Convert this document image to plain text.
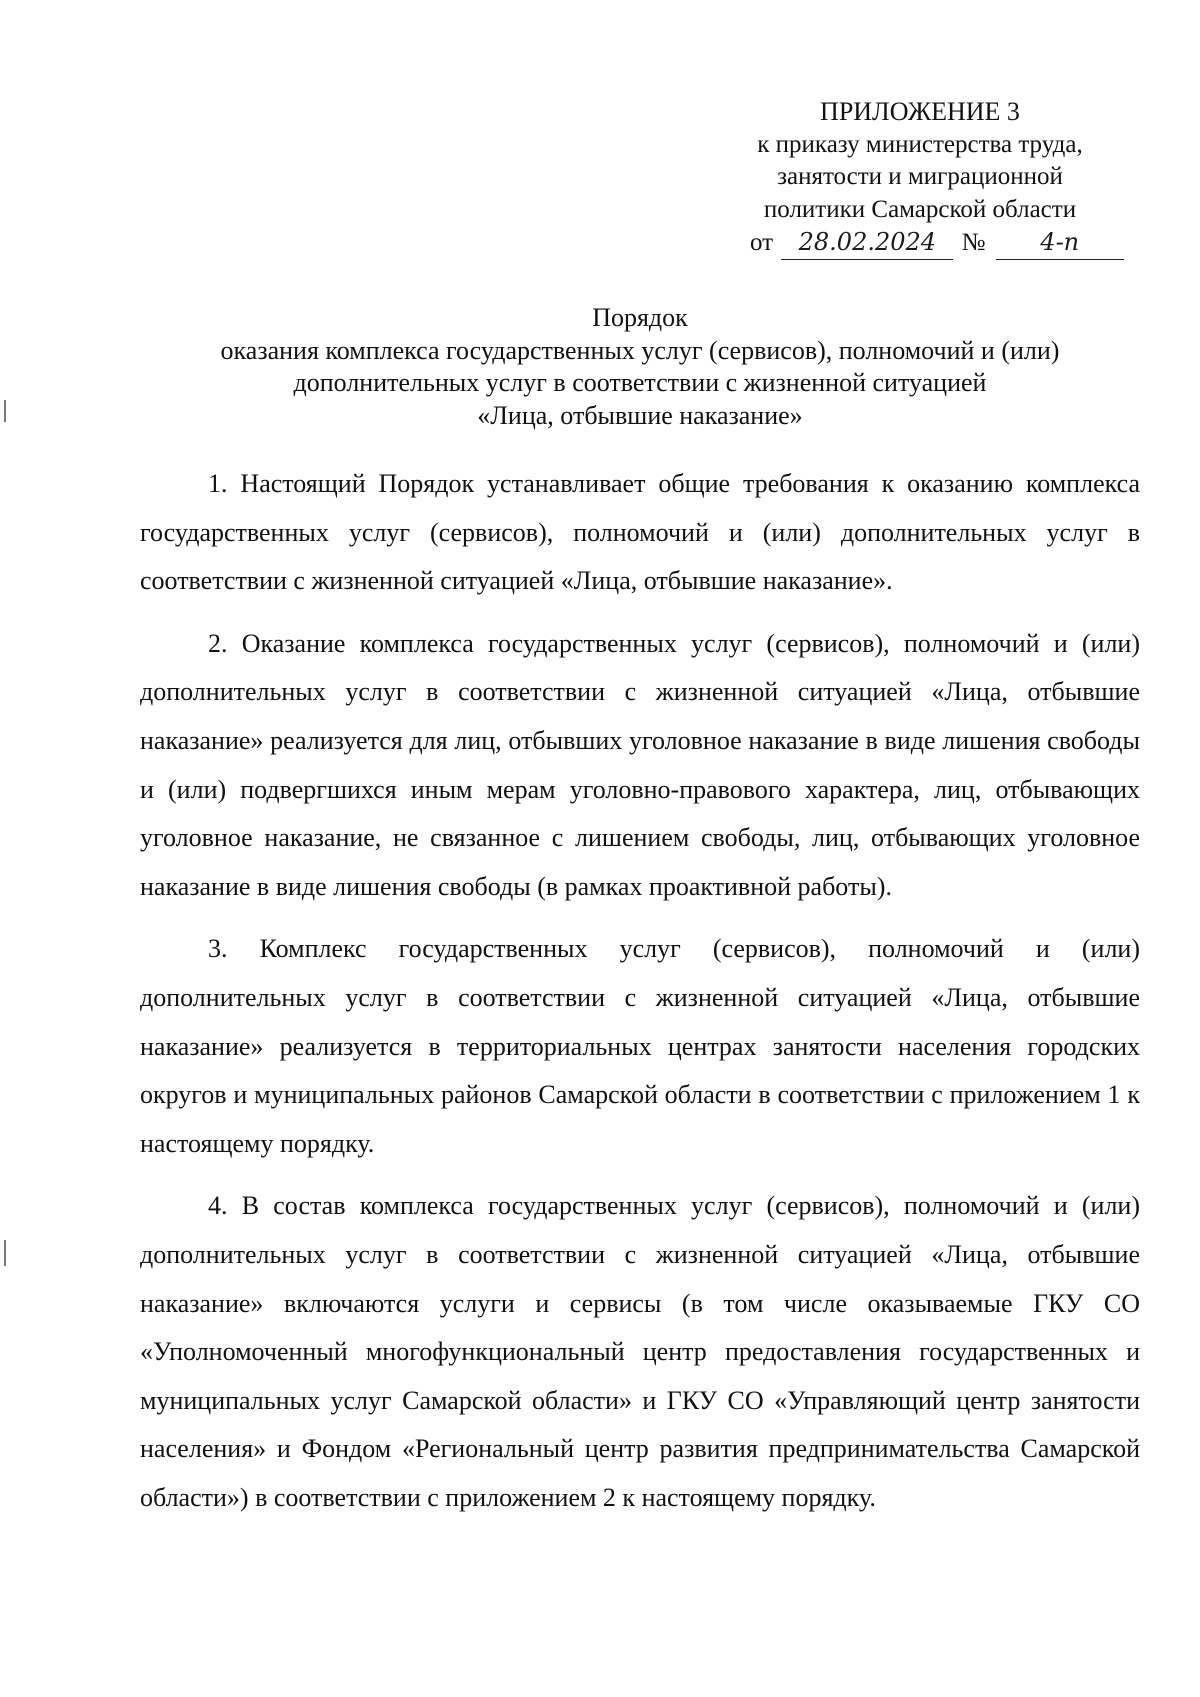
ПРИЛОЖЕНИЕ 3
к приказу министерства труда,
занятости и миграционной
политики Самарской области
от 28.02.2024 № 4-п
Порядок
оказания комплекса государственных услуг (сервисов), полномочий и (или)
дополнительных услуг в соответствии с жизненной ситуацией
«Лица, отбывшие наказание»

1. Настоящий Порядок устанавливает общие требования к оказанию комплекса государственных услуг (сервисов), полномочий и (или) дополнительных услуг в соответствии с жизненной ситуацией «Лица, отбывшие наказание».

2. Оказание комплекса государственных услуг (сервисов), полномочий и (или) дополнительных услуг в соответствии с жизненной ситуацией «Лица, отбывшие наказание» реализуется для лиц, отбывших уголовное наказание в виде лишения свободы и (или) подвергшихся иным мерам уголовно-правового характера, лиц, отбывающих уголовное наказание, не связанное с лишением свободы, лиц, отбывающих уголовное наказание в виде лишения свободы (в рамках проактивной работы).

3. Комплекс государственных услуг (сервисов), полномочий и (или) дополнительных услуг в соответствии с жизненной ситуацией «Лица, отбывшие наказание» реализуется в территориальных центрах занятости населения городских округов и муниципальных районов Самарской области в соответствии с приложением 1 к настоящему порядку.

4. В состав комплекса государственных услуг (сервисов), полномочий и (или) дополнительных услуг в соответствии с жизненной ситуацией «Лица, отбывшие наказание» включаются услуги и сервисы (в том числе оказываемые ГКУ СО «Уполномоченный многофункциональный центр предоставления государственных и муниципальных услуг Самарской области» и ГКУ СО «Управляющий центр занятости населения» и Фондом «Региональный центр развития предпринимательства Самарской области») в соответствии с приложением 2 к настоящему порядку.
